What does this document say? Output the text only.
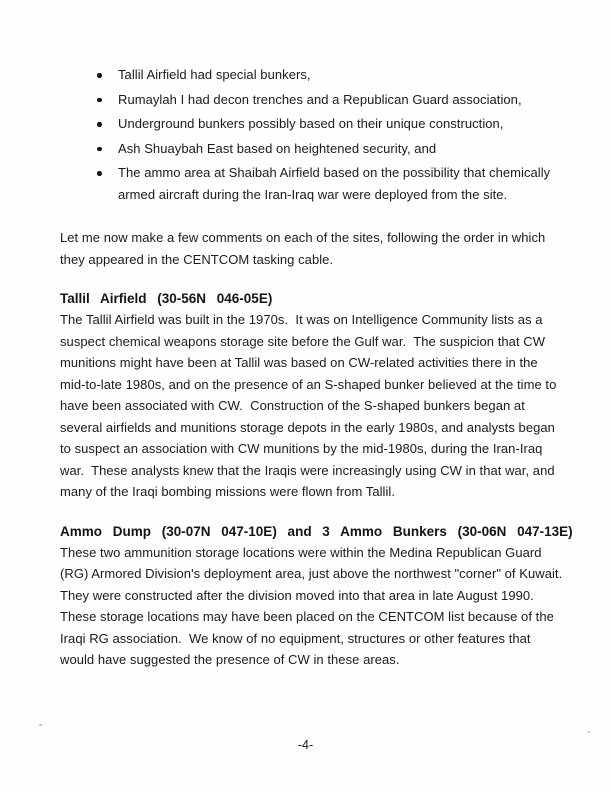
Tallil Airfield had special bunkers,
Rumaylah I had decon trenches and a Republican Guard association,
Underground bunkers possibly based on their unique construction,
Ash Shuaybah East based on heightened security, and
The ammo area at Shaibah Airfield based on the possibility that chemically
armed aircraft during the Iran-Iraq war were deployed from the site.
Let me now make a few comments on each of the sites, following the order in which
they appeared in the CENTCOM tasking cable.
Tallil Airfield (30-56N 046-05E)
The Tallil Airfield was built in the 1970s.  It was on Intelligence Community lists as a
suspect chemical weapons storage site before the Gulf war.  The suspicion that CW
munitions might have been at Tallil was based on CW-related activities there in the
mid-to-late 1980s, and on the presence of an S-shaped bunker believed at the time to
have been associated with CW.  Construction of the S-shaped bunkers began at
several airfields and munitions storage depots in the early 1980s, and analysts began
to suspect an association with CW munitions by the mid-1980s, during the Iran-Iraq
war.  These analysts knew that the Iraqis were increasingly using CW in that war, and
many of the Iraqi bombing missions were flown from Tallil.
Ammo Dump (30-07N 047-10E) and 3 Ammo Bunkers (30-06N 047-13E)
These two ammunition storage locations were within the Medina Republican Guard
(RG) Armored Division's deployment area, just above the northwest "corner" of Kuwait.
They were constructed after the division moved into that area in late August 1990.
These storage locations may have been placed on the CENTCOM list because of the
Iraqi RG association.  We know of no equipment, structures or other features that
would have suggested the presence of CW in these areas.
-4-
